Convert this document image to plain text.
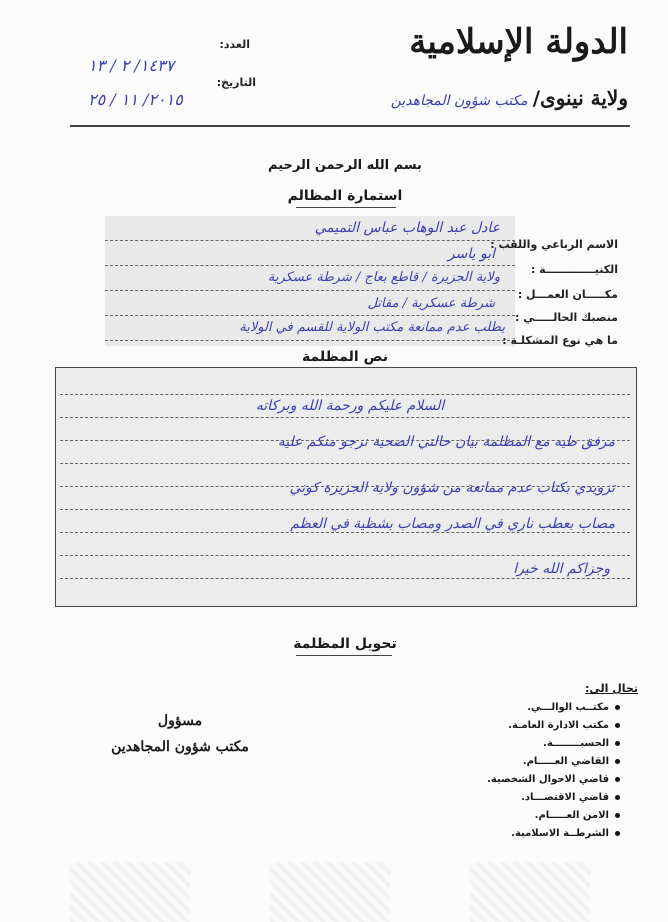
الدولة الإسلامية
ولاية نينوى/ مكتب شؤون المجاهدين
العدد:
١٤٣٧/ ٢ / ١٣
التاريخ:
٢٠١٥/ ١١ / ٢٥
بسم الله الرحمن الرحيم
استمارة المظالم
الاسم الرباعي واللقب :
الكنيـــــــــــــة :
مكـــــان العمـــل :
منصبك الحالـــــي :
ما هي نوع المشكلـة :
عادل عبد الوهاب عباس التميمي
ابو ياسر
ولاية الجزيرة / قاطع بعاج / شرطة عسكرية
شرطة عسكرية / مقاتل
يطلب عدم ممانعة مكتب الولاية للقسم في الولاية
نص المظلمة
السلام عليكم ورحمة الله وبركاته
مرفق طيه مع المظلمة بيان حالتي الصحية نرجو منكم عليه
تزويدي بكتاب عدم ممانعة من شؤون ولاية الجزيرة كوني
مصاب بعطب ناري في الصدر ومصاب بشظية في العظم
وجزاكم الله خيرا
تحويل المظلمة
مسؤول
مكتب شؤون المجاهدين
تحال الى:
مكتــب الوالـــي.
مكتب الادارة العامـة.
الحسبــــــــة.
القاضي العـــــام.
قاضي الاحوال الشخصية.
قاضي الاقتصـــاد.
الامن العـــــام.
الشرطــة الاسلامية.
